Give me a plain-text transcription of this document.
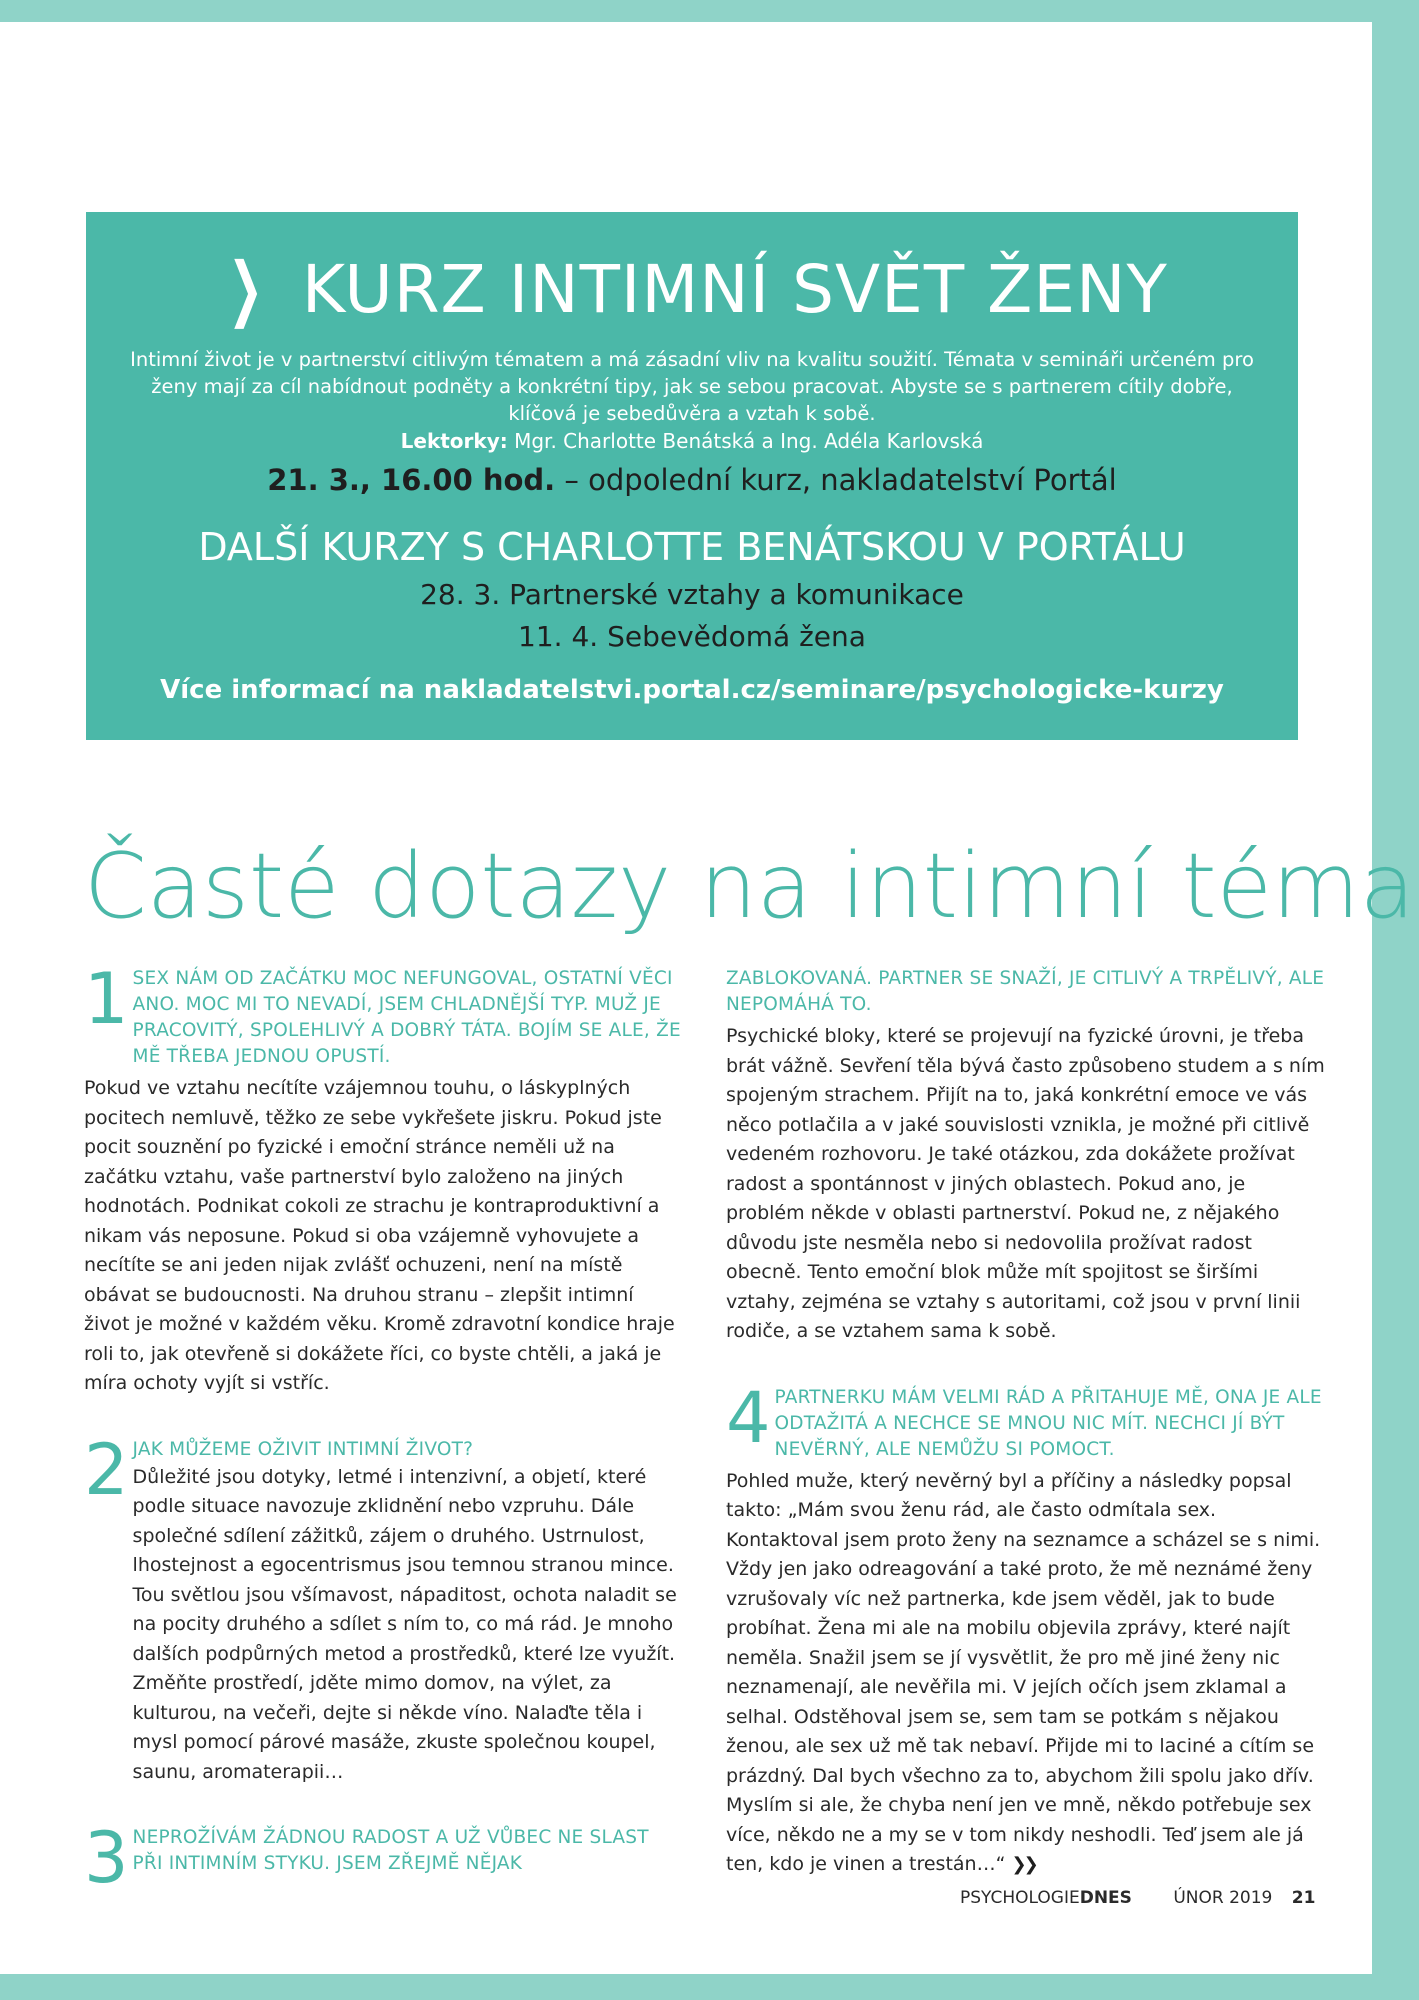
❯ KURZ INTIMNÍ SVĚT ŽENY
Intimní život je v partnerství citlivým tématem a má zásadní vliv na kvalitu soužití. Témata v semináři určeném pro ženy mají za cíl nabídnout podněty a konkrétní tipy, jak se sebou pracovat. Abyste se s partnerem cítily dobře, klíčová je sebedůvěra a vztah k sobě.
Lektorky: Mgr. Charlotte Benátská a Ing. Adéla Karlovská
21. 3., 16.00 hod. – odpolední kurz, nakladatelství Portál
DALŠÍ KURZY S CHARLOTTE BENÁTSKOU V PORTÁLU
28. 3. Partnerské vztahy a komunikace
11. 4. Sebevědomá žena
Více informací na nakladatelstvi.portal.cz/seminare/psychologicke-kurzy
Časté dotazy na intimní téma
1 SEX NÁM OD ZAČÁTKU MOC NEFUNGOVAL, OSTATNÍ VĚCI ANO. MOC MI TO NEVADÍ, JSEM CHLADNĚJŠÍ TYP. MUŽ JE PRACOVITÝ, SPOLEHLIVÝ A DOBRÝ TÁTA. BOJÍM SE ALE, ŽE MĚ TŘEBA JEDNOU OPUSTÍ.

Pokud ve vztahu necítíte vzájemnou touhu, o láskyplných pocitech nemluvě, těžko ze sebe vykřešete jiskru. Pokud jste pocit souznění po fyzické i emoční stránce neměli už na začátku vztahu, vaše partnerství bylo založeno na jiných hodnotách. Podnikat cokoli ze strachu je kontraproduktivní a nikam vás neposune. Pokud si oba vzájemně vyhovujete a necítíte se ani jeden nijak zvlášť ochuzeni, není na místě obávat se budoucnosti. Na druhou stranu – zlepšit intimní život je možné v každém věku. Kromě zdravotní kondice hraje roli to, jak otevřeně si dokážete říci, co byste chtěli, a jaká je míra ochoty vyjít si vstříc.

2 JAK MŮŽEME OŽIVIT INTIMNÍ ŽIVOT?
Důležité jsou dotyky, letmé i intenzivní, a objetí, které podle situace navozuje zklidnění nebo vzpruhu. Dále společné sdílení zážitků, zájem o druhého. Ustrnulost, lhostejnost a egocentrismus jsou temnou stranou mince. Tou světlou jsou všímavost, nápaditost, ochota naladit se na pocity druhého a sdílet s ním to, co má rád. Je mnoho dalších podpůrných metod a prostředků, které lze využít. Změňte prostředí, jděte mimo domov, na výlet, za kulturou, na večeři, dejte si někde víno. Nalaďte těla i mysl pomocí párové masáže, zkuste společnou koupel, saunu, aromaterapii…
3 NEPROŽÍVÁM ŽÁDNOU RADOST A UŽ VŮBEC NE SLAST PŘI INTIMNÍM STYKU. JSEM ZŘEJMĚ NĚJAK
ZABLOKOVANÁ. PARTNER SE SNAŽÍ, JE CITLIVÝ A TRPĚLIVÝ, ALE NEPOMÁHÁ TO.

Psychické bloky, které se projevují na fyzické úrovni, je třeba brát vážně. Sevření těla bývá často způsobeno studem a s ním spojeným strachem. Přijít na to, jaká konkrétní emoce ve vás něco potlačila a v jaké souvislosti vznikla, je možné při citlivě vedeném rozhovoru. Je také otázkou, zda dokážete prožívat radost a spontánnost v jiných oblastech. Pokud ano, je problém někde v oblasti partnerství. Pokud ne, z nějakého důvodu jste nesměla nebo si nedovolila prožívat radost obecně. Tento emoční blok může mít spojitost se širšími vztahy, zejména se vztahy s autoritami, což jsou v první linii rodiče, a se vztahem sama k sobě.

4 PARTNERKU MÁM VELMI RÁD A PŘITAHUJE MĚ, ONA JE ALE ODTAŽITÁ A NECHCE SE MNOU NIC MÍT. NECHCI JÍ BÝT NEVĚRNÝ, ALE NEMŮŽU SI POMOCT.

Pohled muže, který nevěrný byl a příčiny a následky popsal takto: „Mám svou ženu rád, ale často odmítala sex. Kontaktoval jsem proto ženy na seznamce a scházel se s nimi. Vždy jen jako odreagování a také proto, že mě neznámé ženy vzrušovaly víc než partnerka, kde jsem věděl, jak to bude probíhat. Žena mi ale na mobilu objevila zprávy, které najít neměla. Snažil jsem se jí vysvětlit, že pro mě jiné ženy nic neznamenají, ale nevěřila mi. V jejích očích jsem zklamal a selhal. Odstěhoval jsem se, sem tam se potkám s nějakou ženou, ale sex už mě tak nebaví. Přijde mi to laciné a cítím se prázdný. Dal bych všechno za to, abychom žili spolu jako dřív. Myslím si ale, že chyba není jen ve mně, někdo potřebuje sex více, někdo ne a my se v tom nikdy neshodli. Teď jsem ale já ten, kdo je vinen a trestán…“ ❯❯

PSYCHOLOGIEDNES ÚNOR 2019 21
